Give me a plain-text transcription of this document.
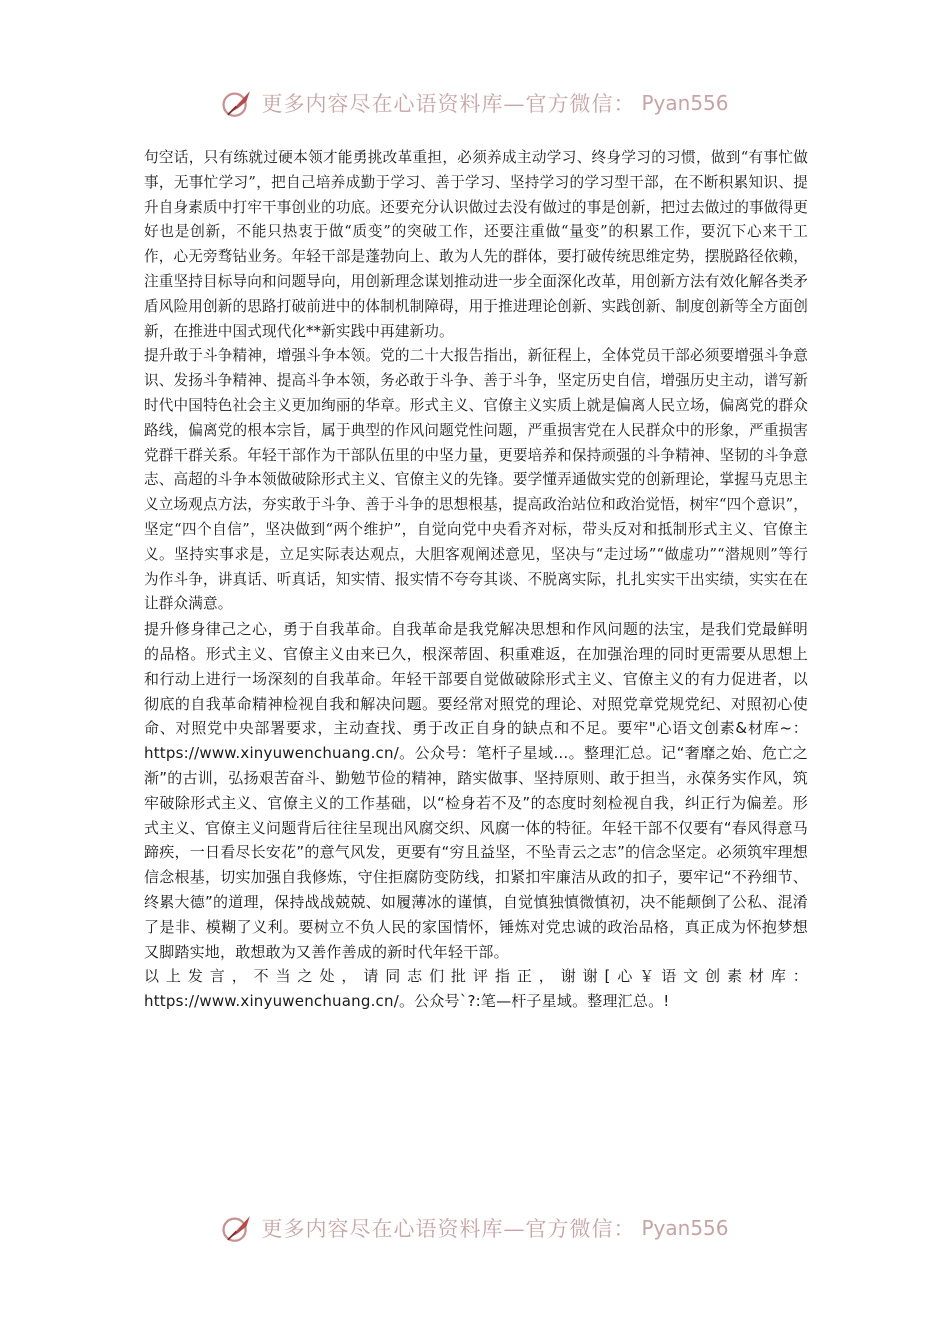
更多内容尽在心语资料库—官方微信： Pyan556

句空话，只有练就过硬本领才能勇挑改革重担，必须养成主动学习、终身学习的习惯，做到“有事忙做事，无事忙学习”，把自己培养成勤于学习、善于学习、坚持学习的学习型干部，在不断积累知识、提升自身素质中打牢干事创业的功底。还要充分认识做过去没有做过的事是创新，把过去做过的事做得更好也是创新，不能只热衷于做“质变”的突破工作，还要注重做“量变”的积累工作，要沉下心来干工作，心无旁骛钻业务。年轻干部是蓬勃向上、敢为人先的群体，要打破传统思维定势，摆脱路径依赖，注重坚持目标导向和问题导向，用创新理念谋划推动进一步全面深化改革，用创新方法有效化解各类矛盾风险用创新的思路打破前进中的体制机制障碍，用于推进理论创新、实践创新、制度创新等全方面创新，在推进中国式现代化**新实践中再建新功。

提升敢于斗争精神，增强斗争本领。党的二十大报告指出，新征程上，全体党员干部必须要增强斗争意识、发扬斗争精神、提高斗争本领，务必敢于斗争、善于斗争，坚定历史自信，增强历史主动，谱写新时代中国特色社会主义更加绚丽的华章。形式主义、官僚主义实质上就是偏离人民立场，偏离党的群众路线，偏离党的根本宗旨，属于典型的作风问题党性问题，严重损害党在人民群众中的形象，严重损害党群干群关系。年轻干部作为干部队伍里的中坚力量，更要培养和保持顽强的斗争精神、坚韧的斗争意志、高超的斗争本领做破除形式主义、官僚主义的先锋。要学懂弄通做实党的创新理论，掌握马克思主义立场观点方法，夯实敢于斗争、善于斗争的思想根基，提高政治站位和政治觉悟，树牢“四个意识”，坚定“四个自信”，坚决做到“两个维护”，自觉向党中央看齐对标，带头反对和抵制形式主义、官僚主义。坚持实事求是，立足实际表达观点，大胆客观阐述意见，坚决与“走过场”“做虚功”“潜规则”等行为作斗争，讲真话、听真话，知实情、报实情不夸夸其谈、不脱离实际，扎扎实实干出实绩，实实在在让群众满意。

提升修身律己之心，勇于自我革命。自我革命是我党解决思想和作风问题的法宝，是我们党最鲜明的品格。形式主义、官僚主义由来已久，根深蒂固、积重难返，在加强治理的同时更需要从思想上和行动上进行一场深刻的自我革命。年轻干部要自觉做破除形式主义、官僚主义的有力促进者，以彻底的自我革命精神检视自我和解决问题。要经常对照党的理论、对照党章党规党纪、对照初心使命、对照党中央部署要求，主动查找、勇于改正自身的缺点和不足。要牢"心语文创素&材库~：https://www.xinyuwenchuang.cn/。公众号：笔杆子星域...。整理汇总。记“奢靡之始、危亡之渐”的古训，弘扬艰苦奋斗、勤勉节俭的精神，踏实做事、坚持原则、敢于担当，永葆务实作风，筑牢破除形式主义、官僚主义的工作基础，以“检身若不及”的态度时刻检视自我，纠正行为偏差。形式主义、官僚主义问题背后往往呈现出风腐交织、风腐一体的特征。年轻干部不仅要有“春风得意马蹄疾，一日看尽长安花”的意气风发，更要有“穷且益坚，不坠青云之志”的信念坚定。必须筑牢理想信念根基，切实加强自我修炼，守住拒腐防变防线，扣紧扣牢廉洁从政的扣子，要牢记“不矜细节、终累大德”的道理，保持战战兢兢、如履薄冰的谨慎，自觉慎独慎微慎初，决不能颠倒了公私、混淆了是非、模糊了义利。要树立不负人民的家国情怀，锤炼对党忠诚的政治品格，真正成为怀抱梦想又脚踏实地，敢想敢为又善作善成的新时代年轻干部。

以上发言，不当之处，请同志们批评指正，谢谢[心￥语文创素材库：https://www.xinyuwenchuang.cn/。公众号`?:笔—杆子星域。整理汇总。!

更多内容尽在心语资料库—官方微信： Pyan556
